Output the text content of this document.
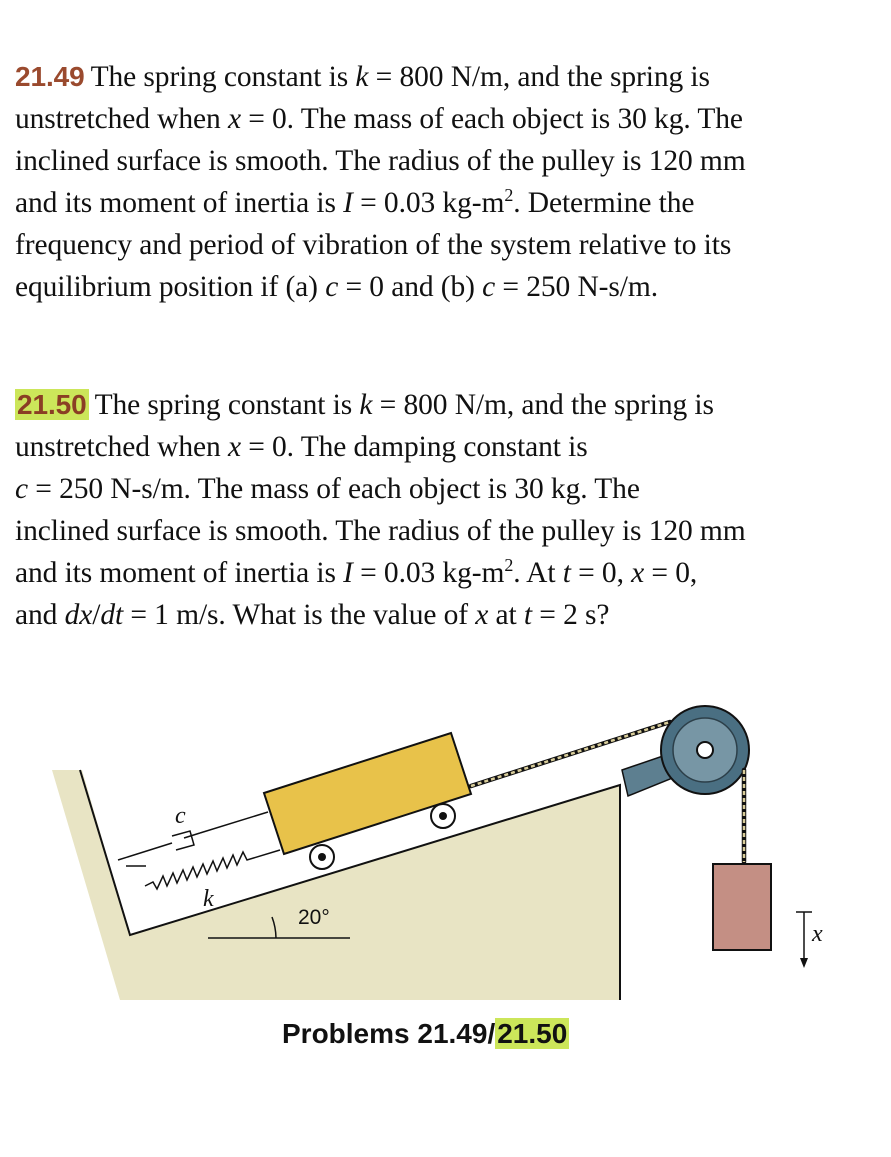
21.49 The spring constant is k = 800 N/m, and the spring is
unstretched when x = 0. The mass of each object is 30 kg. The
inclined surface is smooth. The radius of the pulley is 120 mm
and its moment of inertia is I = 0.03 $kg-m^2$. Determine the
frequency and period of vibration of the system relative to its
equilibrium position if (a) c = 0 and (b) c = 250 N-s/m.
21.50 The spring constant is k = 800 N/m, and the spring is
unstretched when x = 0. The damping constant is
c = 250 N-s/m. The mass of each object is 30 kg. The
inclined surface is smooth. The radius of the pulley is 120 mm
and its moment of inertia is I = 0.03 $kg-m^2$. At t = 0, x = 0,
and dx/dt = 1 m/s. What is the value of x at t = 2 s?
20°
c
k
x
Problems 21.49/21.50
